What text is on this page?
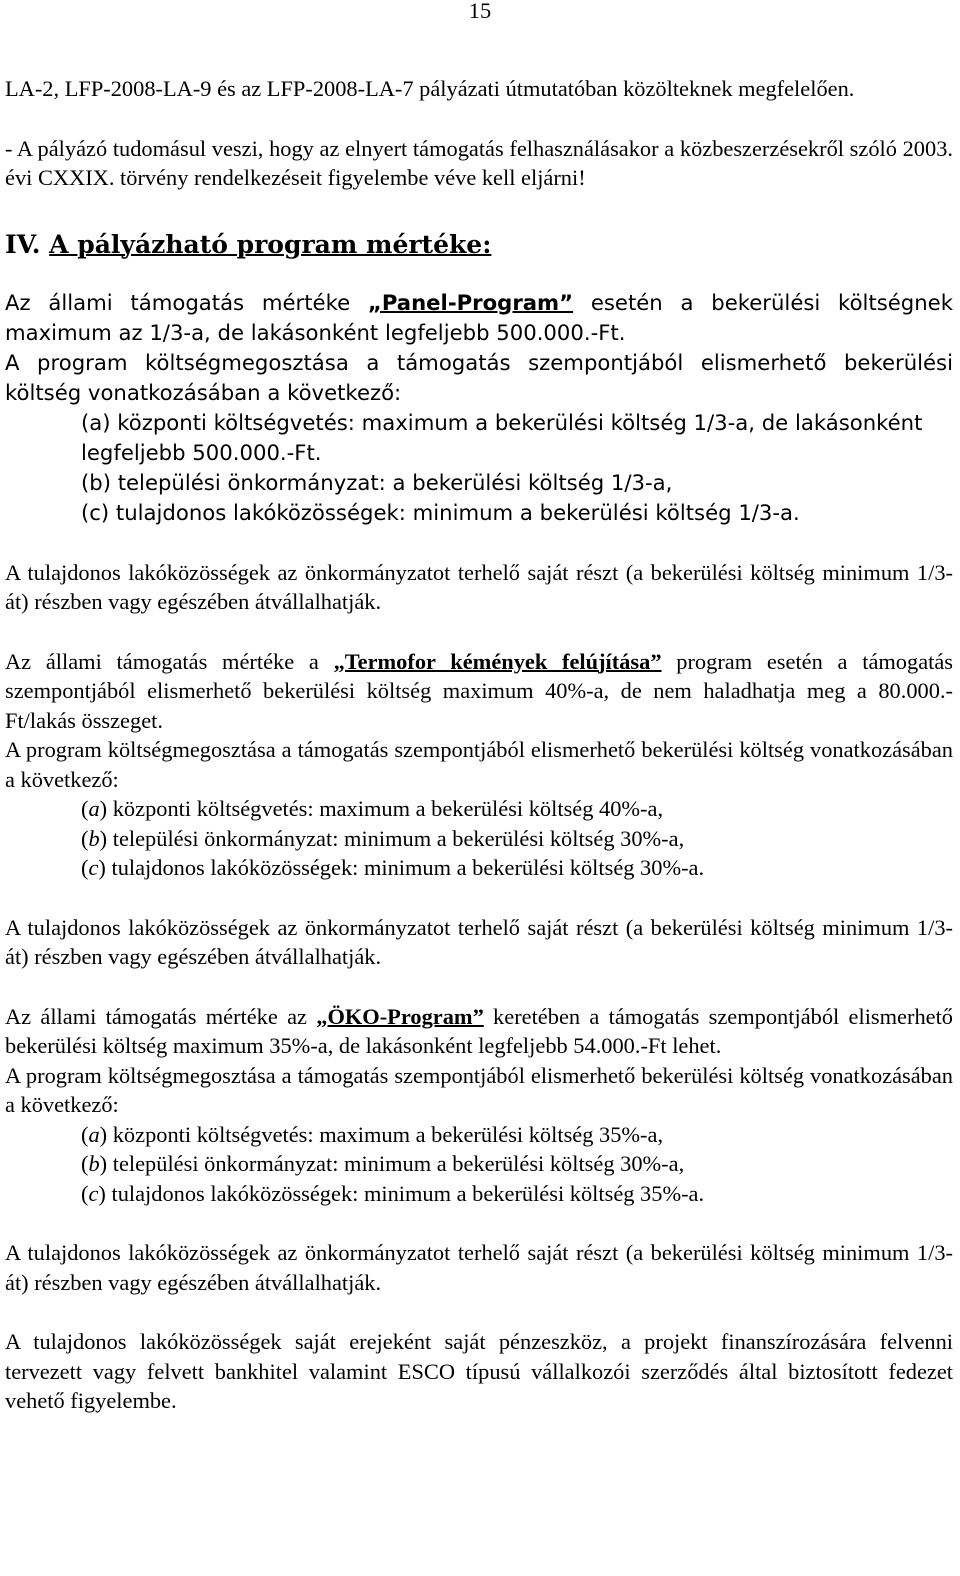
15

LA-2, LFP-2008-LA-9 és az LFP-2008-LA-7 pályázati útmutatóban közölteknek megfelelően.

- A pályázó tudomásul veszi, hogy az elnyert támogatás felhasználásakor a közbeszerzésekről szóló 2003. évi CXXIX. törvény rendelkezéseit figyelembe véve kell eljárni!

IV. A pályázható program mértéke:

Az állami támogatás mértéke „Panel-Program” esetén a bekerülési költségnek maximum az 1/3-a, de lakásonként legfeljebb 500.000.-Ft.

A program költségmegosztása a támogatás szempontjából elismerhető bekerülési költség vonatkozásában a következő:

(a) központi költségvetés: maximum a bekerülési költség 1/3-a, de lakásonként legfeljebb 500.000.-Ft.

(b) települési önkormányzat: a bekerülési költség 1/3-a,

(c) tulajdonos lakóközösségek: minimum a bekerülési költség 1/3-a.

A tulajdonos lakóközösségek az önkormányzatot terhelő saját részt (a bekerülési költség minimum 1/3-át) részben vagy egészében átvállalhatják.

Az állami támogatás mértéke a „Termofor kémények felújítása” program esetén a támogatás szempontjából elismerhető bekerülési költség maximum 40%-a, de nem haladhatja meg a 80.000.-Ft/lakás összeget.

A program költségmegosztása a támogatás szempontjából elismerhető bekerülési költség vonatkozásában a következő:

(a) központi költségvetés: maximum a bekerülési költség 40%-a,

(b) települési önkormányzat: minimum a bekerülési költség 30%-a,

(c) tulajdonos lakóközösségek: minimum a bekerülési költség 30%-a.

A tulajdonos lakóközösségek az önkormányzatot terhelő saját részt (a bekerülési költség minimum 1/3-át) részben vagy egészében átvállalhatják.

Az állami támogatás mértéke az „ÖKO-Program” keretében a támogatás szempontjából elismerhető bekerülési költség maximum 35%-a, de lakásonként legfeljebb 54.000.-Ft lehet.

A program költségmegosztása a támogatás szempontjából elismerhető bekerülési költség vonatkozásában a következő:

(a) központi költségvetés: maximum a bekerülési költség 35%-a,

(b) települési önkormányzat: minimum a bekerülési költség 30%-a,

(c) tulajdonos lakóközösségek: minimum a bekerülési költség 35%-a.

A tulajdonos lakóközösségek az önkormányzatot terhelő saját részt (a bekerülési költség minimum 1/3-át) részben vagy egészében átvállalhatják.

A tulajdonos lakóközösségek saját erejeként saját pénzeszköz, a projekt finanszírozására felvenni tervezett vagy felvett bankhitel valamint ESCO típusú vállalkozói szerződés által biztosított fedezet vehető figyelembe.
